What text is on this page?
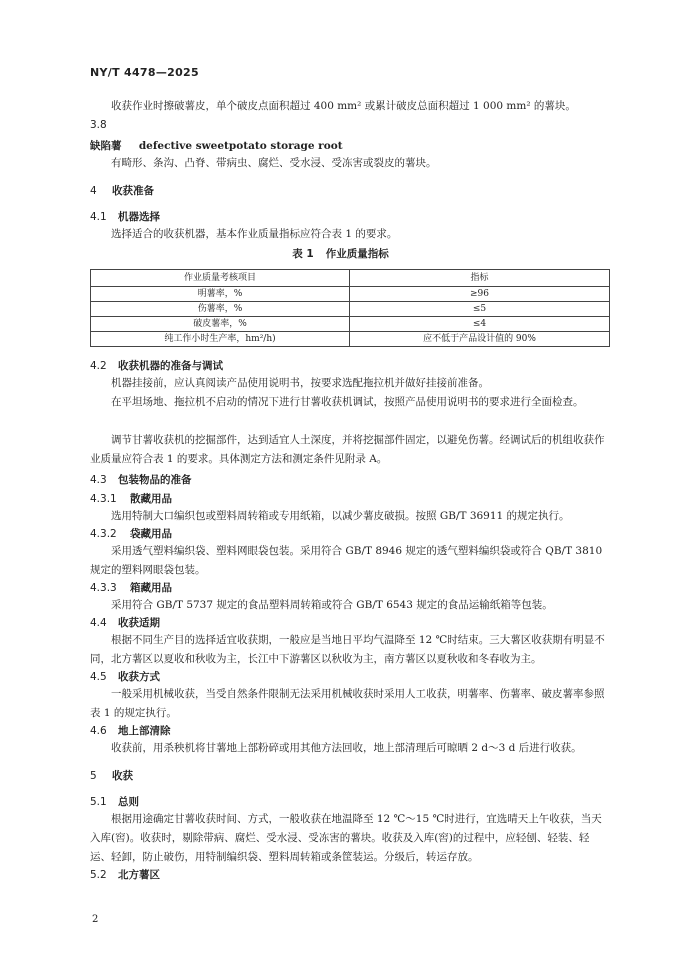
NY/T 4478—2025
收获作业时擦破薯皮，单个破皮点面积超过 400 mm² 或累计破皮总面积超过 1 000 mm² 的薯块。
3.8
缺陷薯 defective sweetpotato storage root
有畸形、条沟、凸脊、带病虫、腐烂、受水浸、受冻害或裂皮的薯块。
4 收获准备
4.1 机器选择
选择适合的收获机器，基本作业质量指标应符合表 1 的要求。
表 1 作业质量指标
作业质量考核项目	指标
明薯率，%	≥96
伤薯率，%	≤5
破皮薯率，%	≤4
纯工作小时生产率，hm²/h)	应不低于产品设计值的 90%
4.2 收获机器的准备与调试
机器挂接前，应认真阅读产品使用说明书，按要求选配拖拉机并做好挂接前准备。
在平坦场地、拖拉机不启动的情况下进行甘薯收获机调试，按照产品使用说明书的要求进行全面检查。
调节甘薯收获机的挖掘部件，达到适宜人土深度，并将挖掘部件固定，以避免伤薯。经调试后的机组收获作业质量应符合表 1 的要求。具体测定方法和测定条件见附录 A。
4.3 包装物品的准备
4.3.1 散藏用品
选用特制大口编织包或塑料周转箱或专用纸箱，以减少薯皮破损。按照 GB/T 36911 的规定执行。
4.3.2 袋藏用品
采用透气塑料编织袋、塑料网眼袋包装。采用符合 GB/T 8946 规定的透气塑料编织袋或符合 QB/T 3810 规定的塑料网眼袋包装。
4.3.3 箱藏用品
采用符合 GB/T 5737 规定的食品塑料周转箱或符合 GB/T 6543 规定的食品运输纸箱等包装。
4.4 收获适期
根据不同生产目的选择适宜收获期，一般应是当地日平均气温降至 12 ℃时结束。三大薯区收获期有明显不同，北方薯区以夏收和秋收为主，长江中下游薯区以秋收为主，南方薯区以夏秋收和冬春收为主。
4.5 收获方式
一般采用机械收获，当受自然条件限制无法采用机械收获时采用人工收获，明薯率、伤薯率、破皮薯率参照表 1 的规定执行。
4.6 地上部清除
收获前，用杀秧机将甘薯地上部粉碎或用其他方法回收，地上部清理后可晾晒 2 d～3 d 后进行收获。
5 收获
5.1 总则
根据用途确定甘薯收获时间、方式，一般收获在地温降至 12 ℃～15 ℃时进行，宜选晴天上午收获，当天入库(窖)。收获时，剔除带病、腐烂、受水浸、受冻害的薯块。收获及入库(窖)的过程中，应轻刨、轻装、轻运、轻卸，防止破伤，用特制编织袋、塑料周转箱或条筐装运。分级后，转运存放。
5.2 北方薯区
2
